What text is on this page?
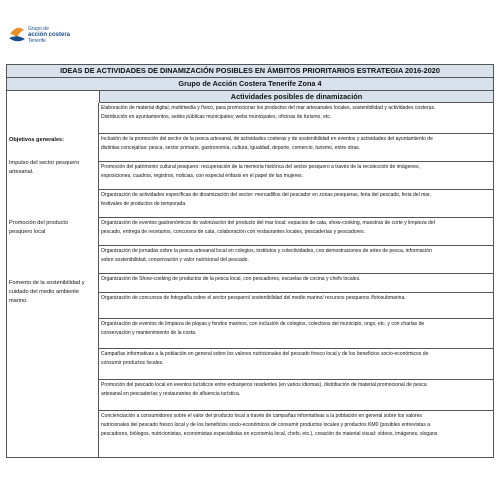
Grupo de
acción costera
Tenerife
IDEAS DE ACTIVIDADES DE DINAMIZACIÓN POSIBLES EN ÁMBITOS PRIORITARIOS ESTRATEGIA 2016-2020
Grupo de Acción Costera Tenerife Zona 4
Actividades posibles de dinamización
Objetivos generales:
Impulso del sector pesquero
artesanal.
Promoción del producto
pesquero local
Fomento de la sostenibilidad y
cuidado del medio ambiente
marino.
Elaboración de material digital, multimedia y físico, para promocionar los productos del mar artesanales locales, sostenibilidad y actividades costeras.
Distribución en ayuntamientos, sedes públicas municipales; webs municipales, oficinas de turismo, etc.
Inclusión de la promoción del sector de la pesca artesanal, de actividades costeras y de sostenibilidad en eventos y actividades del ayuntamiento de
distintas concejalías: pesca, sector primario, gastronomía, cultura, igualdad, deporte, comercio, turismo, entre otras.
Promoción del patrimonio cultural pesquero: recuperación de la memoria histórica del sector pesquero a través de la recolección de imágenes,
exposiciones, cuadros, registros, noticias, con especial énfasis en el papel de las mujeres.
Organización de actividades específicas de dinamización del sector: mercadillos del pescador en zonas pesqueras, feria del pescado, feria del mar,
festivales de productos de temporada.
Organización de eventos gastronómicos de valorización del producto del mar local: espacios de cata, show-cooking, muestras de corte y limpieza del
pescado, entrega de recetarios, concursos de cata, colaboración con restaurantes locales, pescaderías y pescadores.
Organización de jornadas sobre la pesca artesanal local en colegios, institutos y colectividades, con demostraciones de artes de pesca, información
sobre sostenibilidad, conservación y valor nutricional del pescado.
Organización de Show-cooking de productos de la pesca local, con pescadores, escuelas de cocina y chefs locales.
Organización de concursos de fotografía sobre el sector pesquero/ sostenibilidad del medio marino/ recursos pesqueros /fotosubmarina.
Organización de eventos de limpieza de playas y fondos marinos, con inclusión de colegios, colectivos del municipio, ongs, etc. y con charlas de
conservación y mantenimiento de la costa.
Campañas informativas a la población en general sobre los valores nutricionales del pescado fresco local y de los beneficios socio-económicos de
consumir productos locales.
Promoción del pescado local en eventos turísticos entre extranjeros residentes (en varios idiomas), distribución de material promocional de pesca
artesanal en pescaderías y restaurantes de afluencia turística.
Concienciación a consumidores sobre el valor del producto local a través de campañas informativas a la población en general sobre los valores
nutricionales del pescado fresco local y de los beneficios socio-económicos de consumir productos locales y productos KM0 (posibles entrevistas a
pescadores, biólogos, nutricionistas, economistas especialistas en economía local, chefs, etc.), creación de material visual: vídeos, imágenes, slogans
